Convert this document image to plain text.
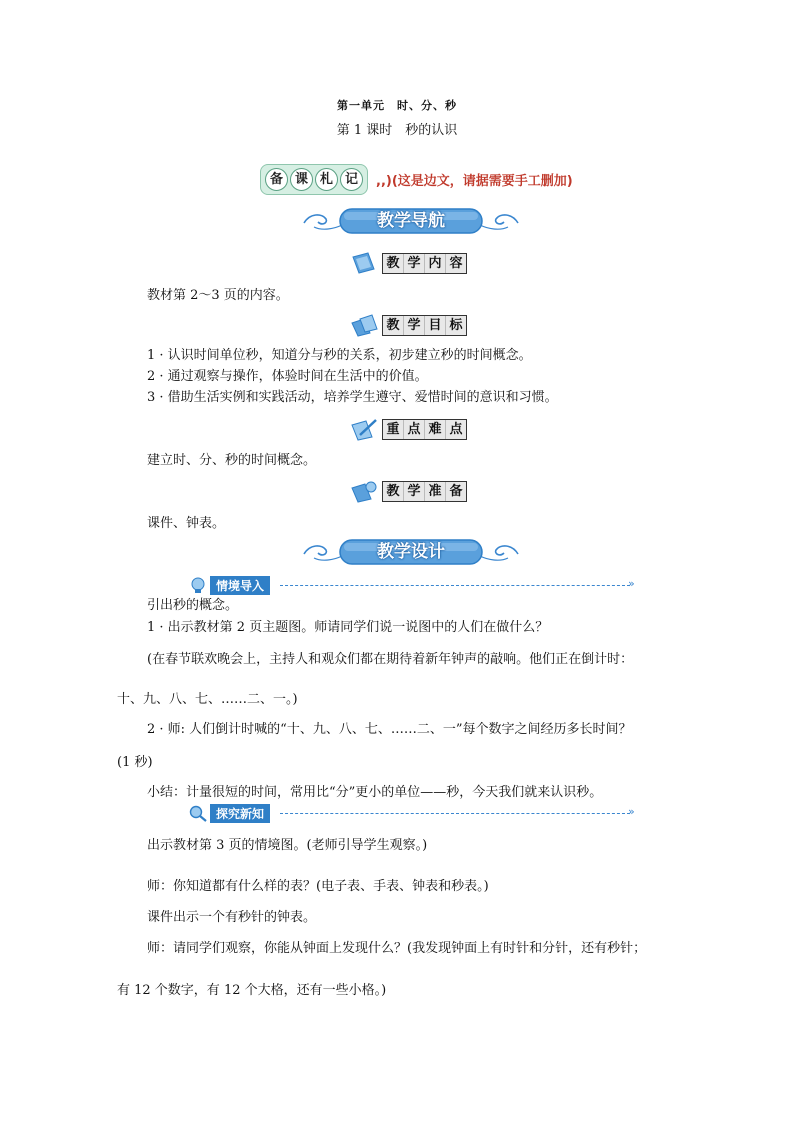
第一单元　时、分、秒
第 1 课时　秒的认识
备 课 札 记	,,)(这是边文，请据需要手工删加)
教学导航
教 学 内 容
教材第 2～3 页的内容。
教 学 目 标
1 · 认识时间单位秒，知道分与秒的关系，初步建立秒的时间概念。
2 · 通过观察与操作，体验时间在生活中的价值。
3 · 借助生活实例和实践活动，培养学生遵守、爱惜时间的意识和习惯。
重 点 难 点
建立时、分、秒的时间概念。
教 学 准 备
课件、钟表。
教学设计
情境导入	»
引出秒的概念。
1 · 出示教材第 2 页主题图。师请同学们说一说图中的人们在做什么？
(在春节联欢晚会上，主持人和观众们都在期待着新年钟声的敲响。他们正在倒计时：
十、九、八、七、……二、一。)
2 · 师: 人们倒计时喊的“十、九、八、七、……二、一”每个数字之间经历多长时间？
(1 秒)
小结：计量很短的时间，常用比“分”更小的单位——秒，今天我们就来认识秒。
探究新知	»
出示教材第 3 页的情境图。(老师引导学生观察。)
师：你知道都有什么样的表？(电子表、手表、钟表和秒表。)
课件出示一个有秒针的钟表。
师：请同学们观察，你能从钟面上发现什么？(我发现钟面上有时针和分针，还有秒针；
有 12 个数字，有 12 个大格，还有一些小格。)
